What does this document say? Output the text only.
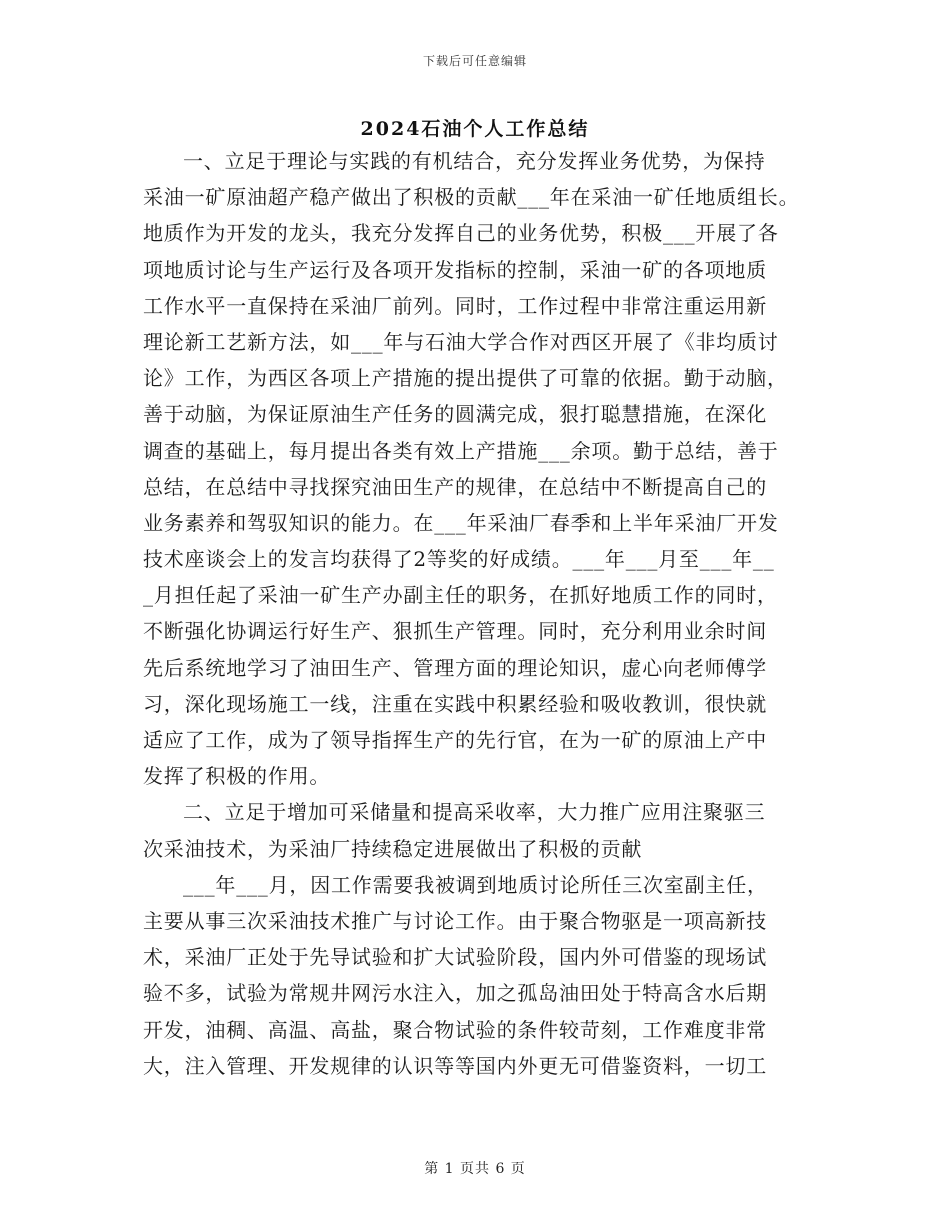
下载后可任意编辑
2024石油个人工作总结
一、立足于理论与实践的有机结合，充分发挥业务优势，为保持
采油一矿原油超产稳产做出了积极的贡献___年在采油一矿任地质组长。
地质作为开发的龙头，我充分发挥自己的业务优势，积极___开展了各
项地质讨论与生产运行及各项开发指标的控制，采油一矿的各项地质
工作水平一直保持在采油厂前列。同时，工作过程中非常注重运用新
理论新工艺新方法，如___年与石油大学合作对西区开展了《非均质讨
论》工作，为西区各项上产措施的提出提供了可靠的依据。勤于动脑，
善于动脑，为保证原油生产任务的圆满完成，狠打聪慧措施，在深化
调查的基础上，每月提出各类有效上产措施___余项。勤于总结，善于
总结，在总结中寻找探究油田生产的规律，在总结中不断提高自己的
业务素养和驾驭知识的能力。在___年采油厂春季和上半年采油厂开发
技术座谈会上的发言均获得了2等奖的好成绩。___年___月至___年__
_月担任起了采油一矿生产办副主任的职务，在抓好地质工作的同时，
不断强化协调运行好生产、狠抓生产管理。同时，充分利用业余时间
先后系统地学习了油田生产、管理方面的理论知识，虚心向老师傅学
习，深化现场施工一线，注重在实践中积累经验和吸收教训，很快就
适应了工作，成为了领导指挥生产的先行官，在为一矿的原油上产中
发挥了积极的作用。
二、立足于增加可采储量和提高采收率，大力推广应用注聚驱三
次采油技术，为采油厂持续稳定进展做出了积极的贡献
___年___月，因工作需要我被调到地质讨论所任三次室副主任，
主要从事三次采油技术推广与讨论工作。由于聚合物驱是一项高新技
术，采油厂正处于先导试验和扩大试验阶段，国内外可借鉴的现场试
验不多，试验为常规井网污水注入，加之孤岛油田处于特高含水后期
开发，油稠、高温、高盐，聚合物试验的条件较苛刻，工作难度非常
大，注入管理、开发规律的认识等等国内外更无可借鉴资料，一切工
第 1 页共 6 页
